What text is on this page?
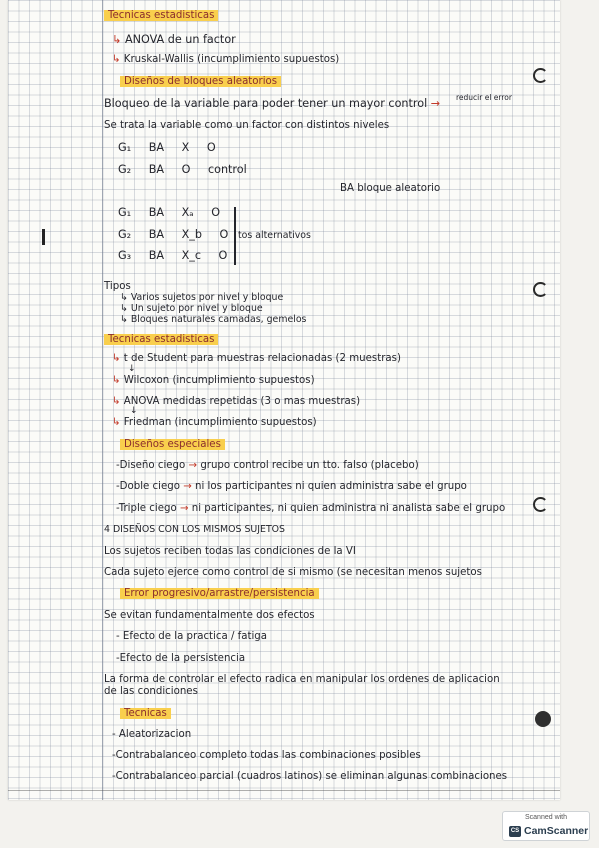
Tecnicas estadisticas
↳ ANOVA de un factor
↳ Kruskal-Wallis (incumplimiento supuestos)
Diseños de bloques aleatorios
Bloqueo de la variable para poder tener un mayor control → reducir el error
Se trata la variable como un factor con distintos niveles
G₁ BA X O
G₂ BA O control
BA bloque aleatorio
G₁ BA Xₐ O
G₂ BA X_b O tos alternativos
G₃ BA X_c O
Tipos
↳ Varios sujetos por nivel y bloque
↳ Un sujeto por nivel y bloque
↳ Bloques naturales camadas, gemelos
Tecnicas estadisticas
↳ t de Student para muestras relacionadas (2 muestras)
↓
↳ Wilcoxon (incumplimiento supuestos)
↳ ANOVA medidas repetidas (3 o mas muestras)
↓
↳ Friedman (incumplimiento supuestos)
Diseños especiales
-Diseño ciego → grupo control recibe un tto. falso (placebo)
-Doble ciego → ni los participantes ni quien administra sabe el grupo
-Triple ciego → ni participantes, ni quien administra ni analista sabe el grupo
4 DISEÑOS CON LOS MISMOS SUJETOS
Los sujetos reciben todas las condiciones de la VI
Cada sujeto ejerce como control de si mismo (se necesitan menos sujetos
Error progresivo/arrastre/persistencia
Se evitan fundamentalmente dos efectos
- Efecto de la practica / fatiga
-Efecto de la persistencia
La forma de controlar el efecto radica en manipular los ordenes de aplicacion
de las condiciones
Tecnicas
- Aleatorizacion
-Contrabalanceo completo todas las combinaciones posibles
-Contrabalanceo parcial (cuadros latinos) se eliminan algunas combinaciones
Scanned with
CS CamScanner
